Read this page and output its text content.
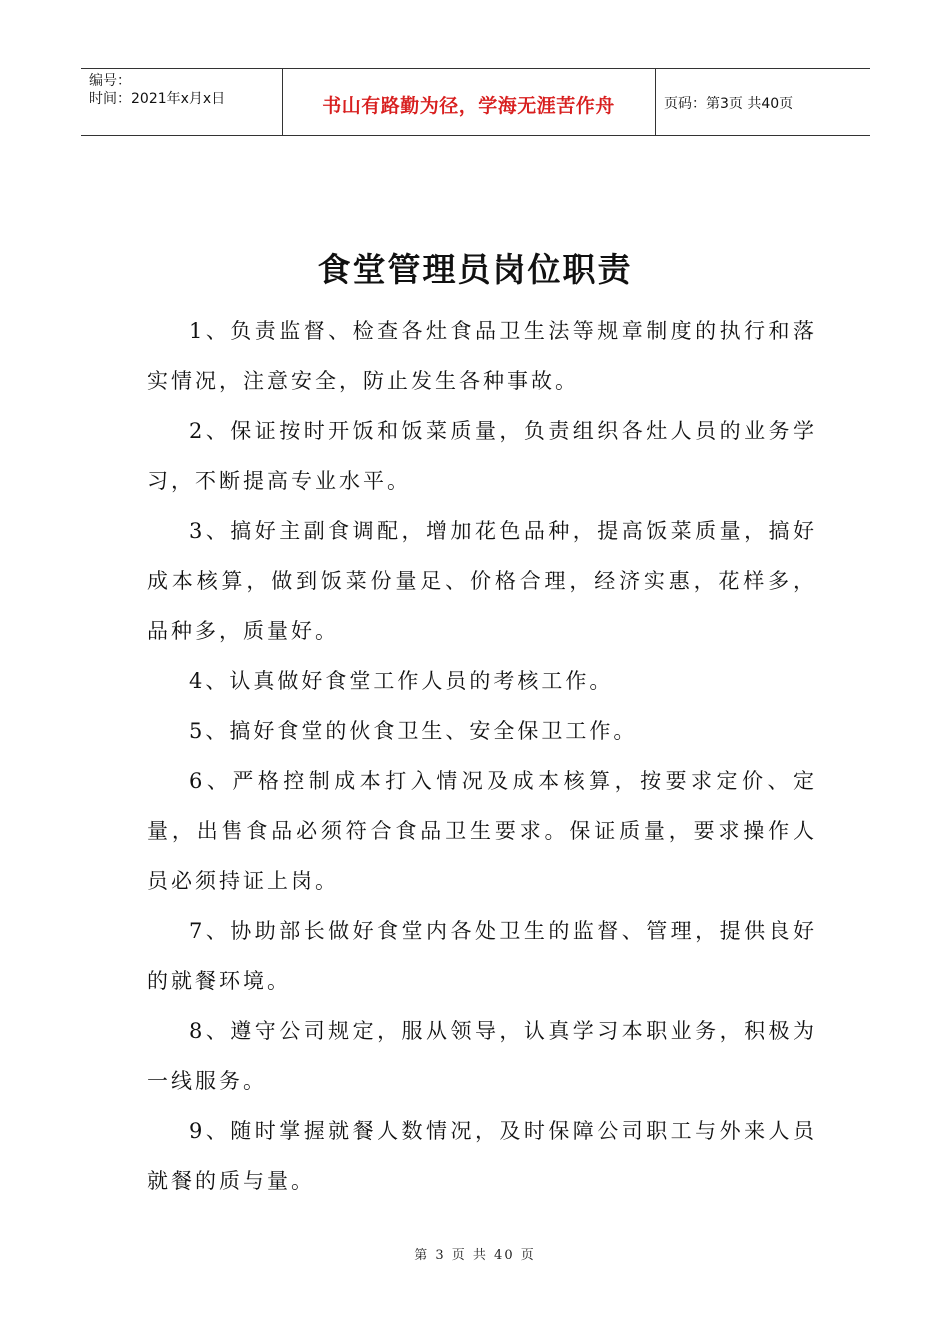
编号：
时间：2021年x月x日	书山有路勤为径，学海无涯苦作舟	页码：第3页 共40页
食堂管理员岗位职责

1、负责监督、检查各灶食品卫生法等规章制度的执行和落实情况，注意安全，防止发生各种事故。

2、保证按时开饭和饭菜质量，负责组织各灶人员的业务学习，不断提高专业水平。

3、搞好主副食调配，增加花色品种，提高饭菜质量，搞好成本核算，做到饭菜份量足、价格合理，经济实惠，花样多，品种多，质量好。

4、认真做好食堂工作人员的考核工作。

5、搞好食堂的伙食卫生、安全保卫工作。

6、严格控制成本打入情况及成本核算，按要求定价、定量，出售食品必须符合食品卫生要求。保证质量，要求操作人员必须持证上岗。

7、协助部长做好食堂内各处卫生的监督、管理，提供良好的就餐环境。

8、遵守公司规定，服从领导，认真学习本职业务，积极为一线服务。

9、随时掌握就餐人数情况，及时保障公司职工与外来人员就餐的质与量。

第 3 页 共 40 页
